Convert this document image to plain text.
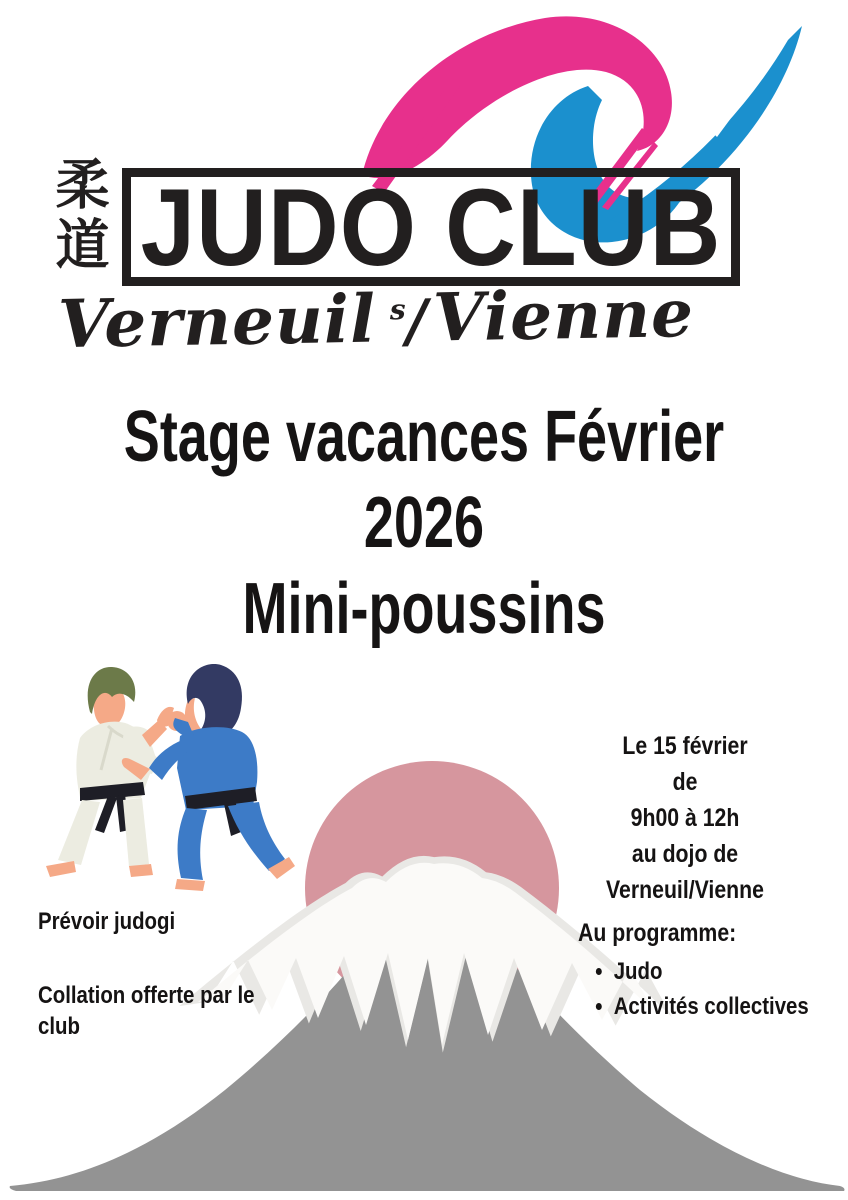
柔道 JUDO CLUB
Verneuil s / Vienne
Stage vacances Février
2026
Mini-poussins
Le 15 février
de
9h00 à 12h
au dojo de
Verneuil/Vienne
Au programme:
• Judo
• Activités collectives
Prévoir judogi
Collation offerte par le club
